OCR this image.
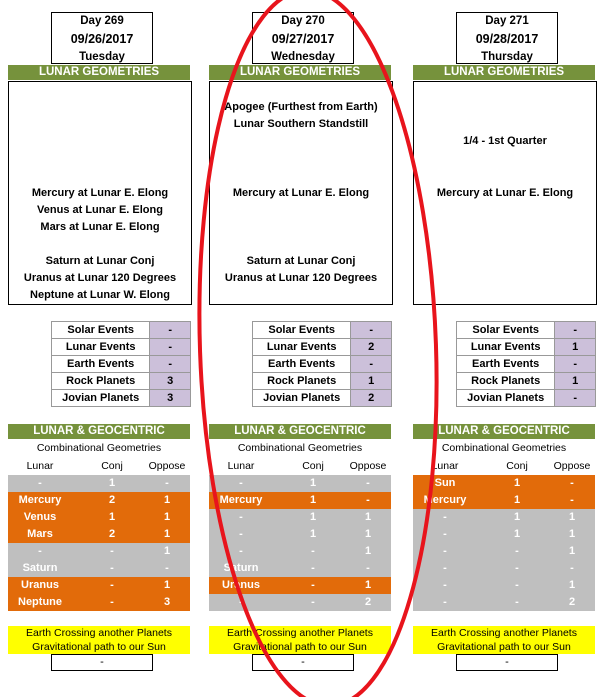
Day 269
09/26/2017
Tuesday
LUNAR GEOMETRIES
Mercury at Lunar E. Elong
Venus at Lunar E. Elong
Mars at Lunar E. Elong
Saturn at Lunar Conj
Uranus at Lunar 120 Degrees
Neptune at Lunar W. Elong
Solar Events	-
Lunar Events	-
Earth Events	-
Rock Planets	3
Jovian Planets	3
LUNAR & GEOCENTRIC
Combinational Geometries
Lunar	Conj	Oppose
-	1	-
Mercury	2	1
Venus	1	1
Mars	2	1
-	-	1
Saturn	-	-
Uranus	-	1
Neptune	-	3
Earth Crossing another Planets
Gravitational path to our Sun
-
Day 270
09/27/2017
Wednesday
LUNAR GEOMETRIES
Apogee (Furthest from Earth)
Lunar Southern Standstill
Mercury at Lunar E. Elong
Saturn at Lunar Conj
Uranus at Lunar 120 Degrees
Solar Events	-
Lunar Events	2
Earth Events	-
Rock Planets	1
Jovian Planets	2
LUNAR & GEOCENTRIC
Combinational Geometries
Lunar	Conj	Oppose
-	1	-
Mercury	1	-
-	1	1
-	1	1
-	-	1
Saturn	-	-
Uranus	-	1
-	-	2
Earth Crossing another Planets
Gravitational path to our Sun
-
Day 271
09/28/2017
Thursday
LUNAR GEOMETRIES
1/4 - 1st Quarter
Mercury at Lunar E. Elong
Solar Events	-
Lunar Events	1
Earth Events	-
Rock Planets	1
Jovian Planets	-
LUNAR & GEOCENTRIC
Combinational Geometries
Lunar	Conj	Oppose
Sun	1	-
Mercury	1	-
-	1	1
-	1	1
-	-	1
-	-	-
-	-	1
-	-	2
Earth Crossing another Planets
Gravitational path to our Sun
-
